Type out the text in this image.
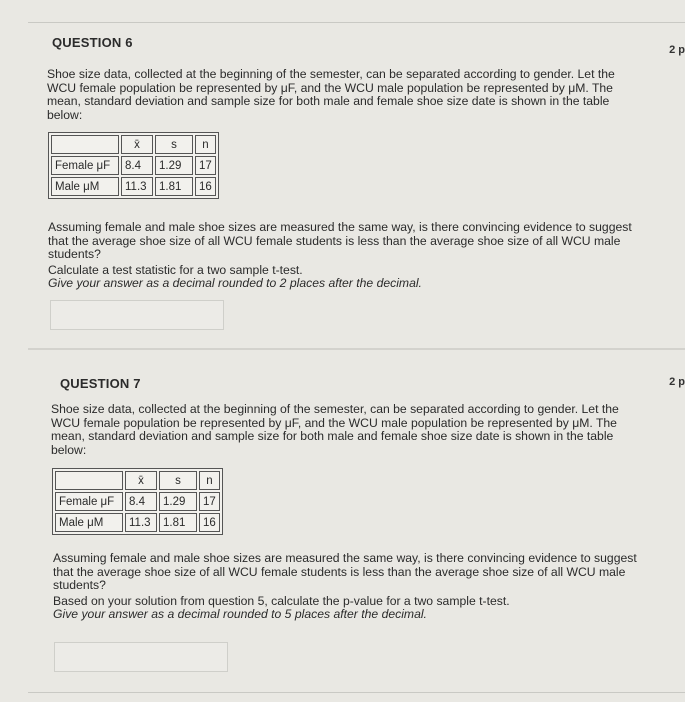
QUESTION 6	2 p

Shoe size data, collected at the beginning of the semester, can be separated according to gender. Let the WCU female population be represented by μF, and the WCU male population be represented by μM. The mean, standard deviation and sample size for both male and female shoe size date is shown in the table below:

	x̄	s	n
Female μF	8.4	1.29	17
Male μM	11.3	1.81	16

Assuming female and male shoe sizes are measured the same way, is there convincing evidence to suggest that the average shoe size of all WCU female students is less than the average shoe size of all WCU male students?

Calculate a test statistic for a two sample t-test.

Give your answer as a decimal rounded to 2 places after the decimal.

QUESTION 7	2 p

Shoe size data, collected at the beginning of the semester, can be separated according to gender. Let the WCU female population be represented by μF, and the WCU male population be represented by μM. The mean, standard deviation and sample size for both male and female shoe size date is shown in the table below:

	x̄	s	n
Female μF	8.4	1.29	17
Male μM	11.3	1.81	16

Assuming female and male shoe sizes are measured the same way, is there convincing evidence to suggest that the average shoe size of all WCU female students is less than the average shoe size of all WCU male students?

Based on your solution from question 5, calculate the p-value for a two sample t-test.

Give your answer as a decimal rounded to 5 places after the decimal.
